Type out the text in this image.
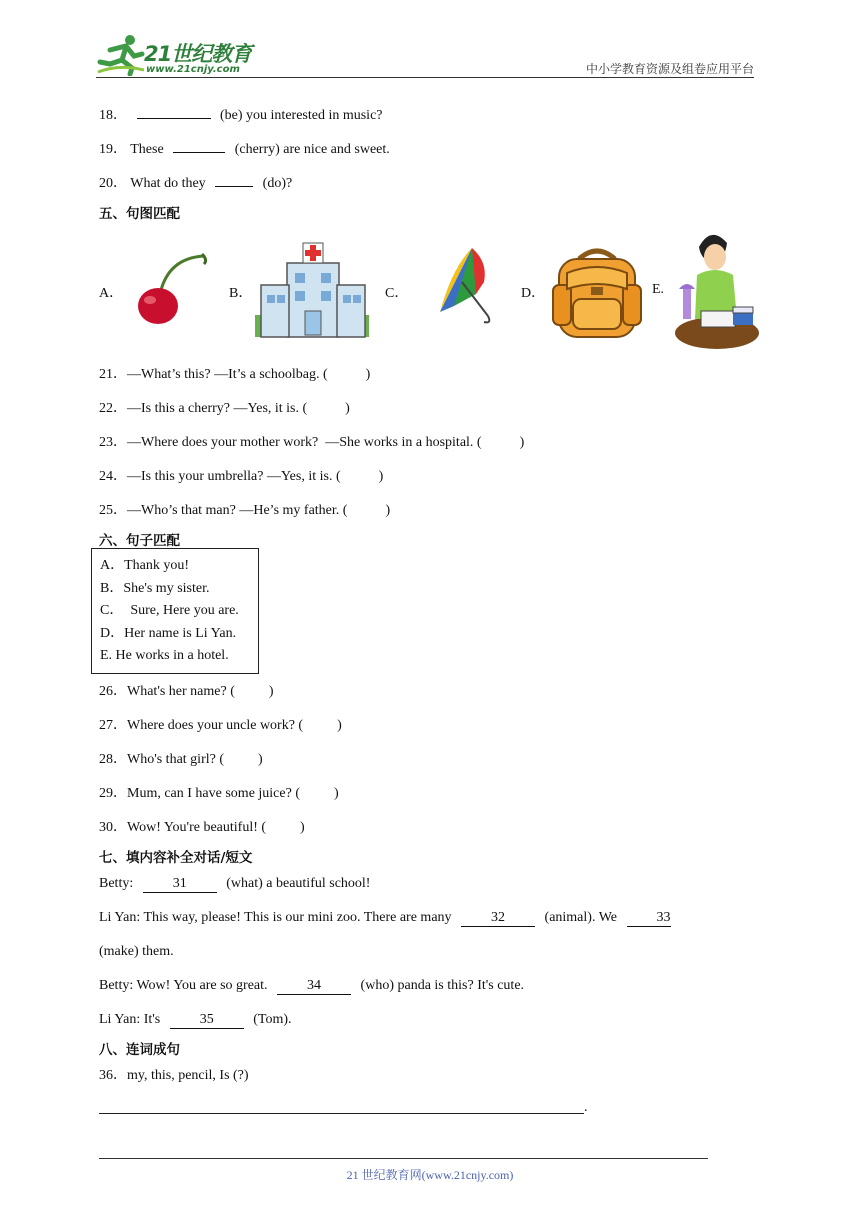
21世纪教育
www.21cnjy.com	中小学教育资源及组卷应用平台
18．	(be) you interested in music?
19． These	(cherry) are nice and sweet.
20． What do they	(do)?
五、句图匹配
A．	B．	C．	D．	E.
21．—What’s this? —It’s a schoolbag. (	)
22．—Is this a cherry? —Yes, it is. (	)
23．—Where does your mother work?  —She works in a hospital. (	)
24．—Is this your umbrella? —Yes, it is. (	)
25．—Who’s that man? —He’s my father. (	)
六、句子匹配
A．Thank you!
B．She's my sister.
C．  Sure, Here you are.
D．Her name is Li Yan.
E. He works in a hotel.
26．What's her name? ( )
27．Where does your uncle work? ( )
28．Who's that girl? ( )
29．Mum, can I have some juice? ( )
30．Wow! You're beautiful! ( )
七、填内容补全对话/短文
Betty:	31	(what) a beautiful school!
Li Yan: This way, please! This is our mini zoo. There are many	32	(animal). We	33
(make) them.
Betty: Wow! You are so great.	34	(who) panda is this? It's cute.
Li Yan: It's	35	(Tom).
八、连词成句
36．my, this, pencil, Is (?)
.
21 世纪教育网(www.21cnjy.com)
